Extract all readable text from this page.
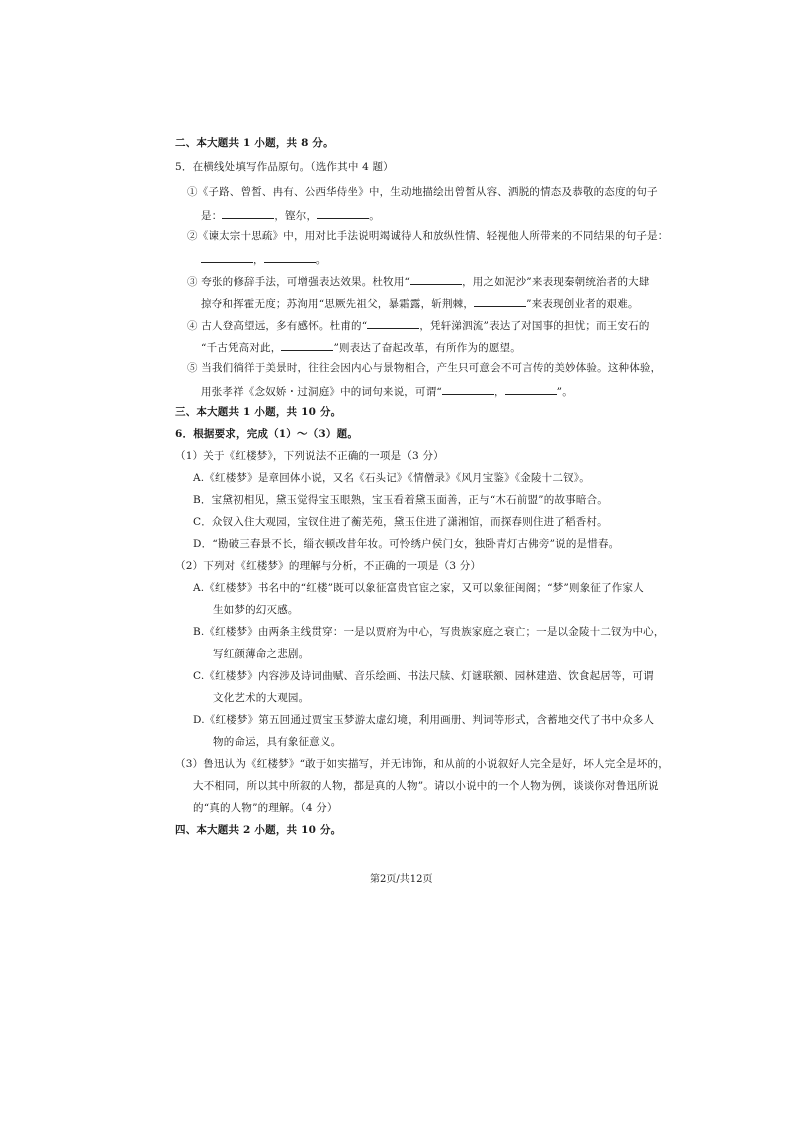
二、本大题共 1 小题，共 8 分。
5．在横线处填写作品原句。（选作其中 4 题）
①《子路、曾皙、冉有、公西华侍坐》中，生动地描绘出曾皙从容、洒脱的情态及恭敬的态度的句子
是：	，铿尔，	。
②《谏太宗十思疏》中，用对比手法说明竭诚待人和放纵性情、轻视他人所带来的不同结果的句子是：
，	。
③ 夸张的修辞手法，可增强表达效果。杜牧用“	，用之如泥沙”来表现秦朝统治者的大肆
掠夺和挥霍无度；苏洵用“思厥先祖父，暴霜露，斩荆棘，	”来表现创业者的艰难。
④ 古人登高望远，多有感怀。杜甫的“	，凭轩涕泗流”表达了对国事的担忧；而王安石的
“千古凭高对此，	”则表达了奋起改革，有所作为的愿望。
⑤ 当我们徜徉于美景时，往往会因内心与景物相合，产生只可意会不可言传的美妙体验。这种体验，
用张孝祥《念奴娇・过洞庭》中的词句来说，可谓“	，	”。
三、本大题共 1 小题，共 10 分。
6．根据要求，完成（1）～（3）题。
（1）关于《红楼梦》，下列说法不正确的一项是（3 分）
A.《红楼梦》是章回体小说，又名《石头记》《情僧录》《风月宝鉴》《金陵十二钗》。
B．宝黛初相见，黛玉觉得宝玉眼熟，宝玉看着黛玉面善，正与“木石前盟”的故事暗合。
C．众钗入住大观园，宝钗住进了蘅芜苑，黛玉住进了潇湘馆，而探春则住进了稻香村。
D．“勘破三春景不长，缁衣顿改昔年妆。可怜绣户侯门女，独卧青灯古佛旁”说的是惜春。
（2）下列对《红楼梦》的理解与分析，不正确的一项是（3 分）
A.《红楼梦》书名中的“红楼”既可以象征富贵官宦之家，又可以象征闺阁；“梦”则象征了作家人
生如梦的幻灭感。
B.《红楼梦》由两条主线贯穿：一是以贾府为中心，写贵族家庭之衰亡；一是以金陵十二钗为中心，
写红颜薄命之悲剧。
C.《红楼梦》内容涉及诗词曲赋、音乐绘画、书法尺牍、灯谜联额、园林建造、饮食起居等，可谓
文化艺术的大观园。
D.《红楼梦》第五回通过贾宝玉梦游太虚幻境，利用画册、判词等形式，含蓄地交代了书中众多人
物的命运，具有象征意义。
（3）鲁迅认为《红楼梦》“敢于如实描写，并无讳饰，和从前的小说叙好人完全是好，坏人完全是坏的，
大不相同，所以其中所叙的人物，都是真的人物”。请以小说中的一个人物为例，谈谈你对鲁迅所说
的“真的人物”的理解。（4 分）
四、本大题共 2 小题，共 10 分。
第2页/共12页
